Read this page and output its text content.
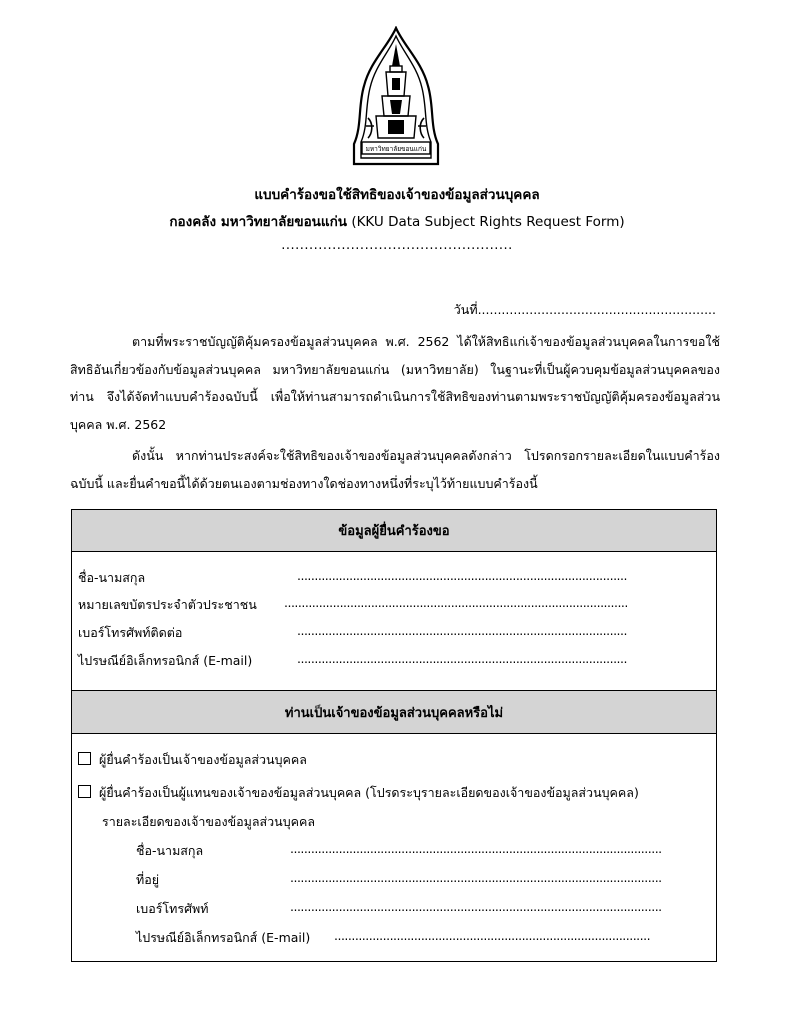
มหาวิทยาลัยขอนแก่น
แบบคำร้องขอใช้สิทธิของเจ้าของข้อมูลส่วนบุคคล
กองคลัง มหาวิทยาลัยขอนแก่น (KKU Data Subject Rights Request Form)
..................................................
วันที่............................................................
ตามที่พระราชบัญญัติคุ้มครองข้อมูลส่วนบุคคล พ.ศ. 2562 ได้ให้สิทธิแก่เจ้าของข้อมูลส่วนบุคคลในการขอใช้สิทธิอันเกี่ยวข้องกับข้อมูลส่วนบุคคล มหาวิทยาลัยขอนแก่น (มหาวิทยาลัย) ในฐานะที่เป็นผู้ควบคุมข้อมูลส่วนบุคคลของท่าน จึงได้จัดทำแบบคำร้องฉบับนี้ เพื่อให้ท่านสามารถดำเนินการใช้สิทธิของท่านตามพระราชบัญญัติคุ้มครองข้อมูลส่วนบุคคล พ.ศ. 2562
ดังนั้น หากท่านประสงค์จะใช้สิทธิของเจ้าของข้อมูลส่วนบุคคลดังกล่าว โปรดกรอกรายละเอียดในแบบคำร้องฉบับนี้ และยื่นคำขอนี้ได้ด้วยตนเองตามช่องทางใดช่องทางหนึ่งที่ระบุไว้ท้ายแบบคำร้องนี้
ข้อมูลผู้ยื่นคำร้องขอ
ชื่อ-นามสกุล	...............................................................................................
หมายเลขบัตรประจำตัวประชาชน ...................................................................................................
เบอร์โทรศัพท์ติดต่อ	...............................................................................................
ไปรษณีย์อิเล็กทรอนิกส์ (E-mail)	...............................................................................................
ท่านเป็นเจ้าของข้อมูลส่วนบุคคลหรือไม่
ผู้ยื่นคำร้องเป็นเจ้าของข้อมูลส่วนบุคคล
ผู้ยื่นคำร้องเป็นผู้แทนของเจ้าของข้อมูลส่วนบุคคล (โปรดระบุรายละเอียดของเจ้าของข้อมูลส่วนบุคคล)
รายละเอียดของเจ้าของข้อมูลส่วนบุคคล
ชื่อ-นามสกุล	...........................................................................................................
ที่อยู่	...........................................................................................................
เบอร์โทรศัพท์	...........................................................................................................
ไปรษณีย์อิเล็กทรอนิกส์ (E-mail) ...........................................................................................
